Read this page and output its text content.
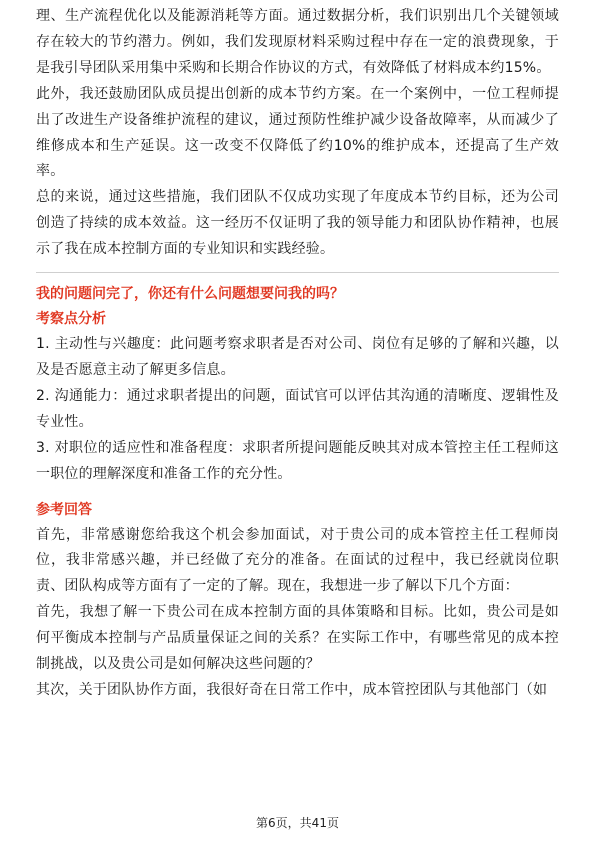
理、生产流程优化以及能源消耗等方面。通过数据分析，我们识别出几个关键领域存在较大的节约潜力。例如，我们发现原材料采购过程中存在一定的浪费现象，于是我引导团队采用集中采购和长期合作协议的方式，有效降低了材料成本约15%。

此外，我还鼓励团队成员提出创新的成本节约方案。在一个案例中，一位工程师提出了改进生产设备维护流程的建议，通过预防性维护减少设备故障率，从而减少了维修成本和生产延误。这一改变不仅降低了约10%的维护成本，还提高了生产效率。

总的来说，通过这些措施，我们团队不仅成功实现了年度成本节约目标，还为公司创造了持续的成本效益。这一经历不仅证明了我的领导能力和团队协作精神，也展示了我在成本控制方面的专业知识和实践经验。

我的问题问完了，你还有什么问题想要问我的吗？

考察点分析

1. 主动性与兴趣度：此问题考察求职者是否对公司、岗位有足够的了解和兴趣，以及是否愿意主动了解更多信息。

2. 沟通能力：通过求职者提出的问题，面试官可以评估其沟通的清晰度、逻辑性及专业性。

3. 对职位的适应性和准备程度：求职者所提问题能反映其对成本管控主任工程师这一职位的理解深度和准备工作的充分性。

参考回答

首先，非常感谢您给我这个机会参加面试，对于贵公司的成本管控主任工程师岗位，我非常感兴趣，并已经做了充分的准备。在面试的过程中，我已经就岗位职责、团队构成等方面有了一定的了解。现在，我想进一步了解以下几个方面：

首先，我想了解一下贵公司在成本控制方面的具体策略和目标。比如，贵公司是如何平衡成本控制与产品质量保证之间的关系？在实际工作中，有哪些常见的成本控制挑战，以及贵公司是如何解决这些问题的？

其次，关于团队协作方面，我很好奇在日常工作中，成本管控团队与其他部门（如

第6页，共41页
